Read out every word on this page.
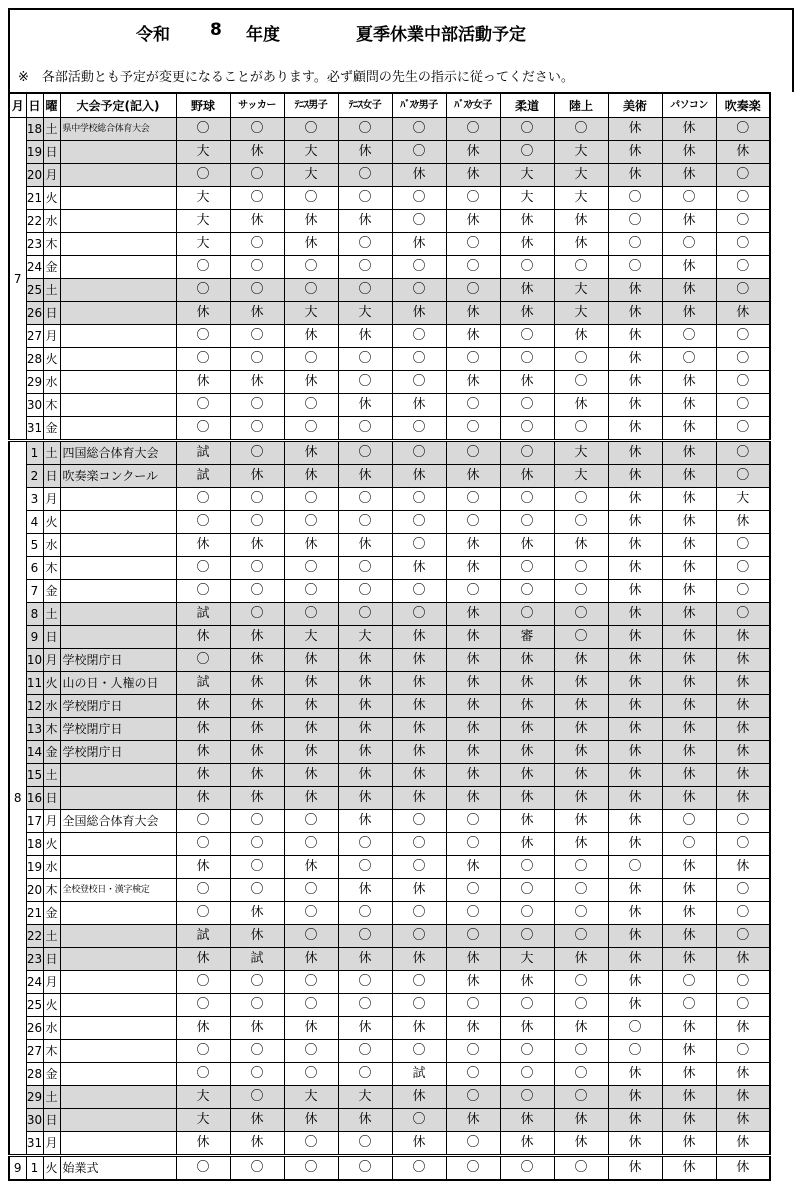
令和 8 年度	夏季休業中部活動予定
※　各部活動とも予定が変更になることがあります。必ず顧問の先生の指示に従ってください。
月	日	曜	大会予定(記入)	野球	サッカー	ﾃﾆｽ男子	ﾃﾆｽ女子	ﾊﾞｽｹ男子	ﾊﾞｽｹ女子	柔道	陸上	美術	パソコン	吹奏楽
7	18	土	県中学校総合体育大会	〇	〇	〇	〇	〇	〇	〇	〇	休	休	〇
	19	日		大	休	大	休	〇	休	〇	大	休	休	休
	20	月		〇	〇	大	〇	休	休	大	大	休	休	〇
	21	火		大	〇	〇	〇	〇	〇	大	大	〇	〇	〇
	22	水		大	休	休	休	〇	休	休	休	〇	休	〇
	23	木		大	〇	休	〇	休	〇	休	休	〇	〇	〇
	24	金		〇	〇	〇	〇	〇	〇	〇	〇	〇	休	〇
	25	土		〇	〇	〇	〇	〇	〇	休	大	休	休	〇
	26	日		休	休	大	大	休	休	休	大	休	休	休
	27	月		〇	〇	休	休	〇	休	〇	休	休	〇	〇
	28	火		〇	〇	〇	〇	〇	〇	〇	〇	休	〇	〇
	29	水		休	休	休	〇	〇	休	休	〇	休	休	〇
	30	木		〇	〇	〇	休	休	〇	〇	休	休	休	〇
	31	金		〇	〇	〇	〇	〇	〇	〇	〇	休	休	〇
8	1	土	四国総合体育大会	試	〇	休	〇	〇	〇	〇	大	休	休	〇
	2	日	吹奏楽コンクール	試	休	休	休	休	休	休	大	休	休	〇
	3	月		〇	〇	〇	〇	〇	〇	〇	〇	休	休	大
	4	火		〇	〇	〇	〇	〇	〇	〇	〇	休	休	休
	5	水		休	休	休	休	〇	休	休	休	休	休	〇
	6	木		〇	〇	〇	〇	休	休	〇	〇	休	休	〇
	7	金		〇	〇	〇	〇	〇	〇	〇	〇	休	休	〇
	8	土		試	〇	〇	〇	〇	休	〇	〇	休	休	〇
	9	日		休	休	大	大	休	休	審	〇	休	休	休
	10	月	学校閉庁日	〇	休	休	休	休	休	休	休	休	休	休
	11	火	山の日・人権の日	試	休	休	休	休	休	休	休	休	休	休
	12	水	学校閉庁日	休	休	休	休	休	休	休	休	休	休	休
	13	木	学校閉庁日	休	休	休	休	休	休	休	休	休	休	休
	14	金	学校閉庁日	休	休	休	休	休	休	休	休	休	休	休
	15	土		休	休	休	休	休	休	休	休	休	休	休
	16	日		休	休	休	休	休	休	休	休	休	休	休
	17	月	全国総合体育大会	〇	〇	〇	休	〇	〇	休	休	休	〇	〇
	18	火		〇	〇	〇	〇	〇	〇	休	休	休	〇	〇
	19	水		休	〇	休	〇	〇	休	〇	〇	〇	休	休
	20	木	全校登校日・漢字検定	〇	〇	〇	休	休	〇	〇	〇	休	休	〇
	21	金		〇	休	〇	〇	〇	〇	〇	〇	休	休	〇
	22	土		試	休	〇	〇	〇	〇	〇	〇	休	休	〇
	23	日		休	試	休	休	休	休	大	休	休	休	休
	24	月		〇	〇	〇	〇	〇	休	休	〇	休	〇	〇
	25	火		〇	〇	〇	〇	〇	〇	〇	〇	休	〇	〇
	26	水		休	休	休	休	休	休	休	休	〇	休	休
	27	木		〇	〇	〇	〇	〇	〇	〇	〇	〇	休	〇
	28	金		〇	〇	〇	〇	試	〇	〇	〇	休	休	休
	29	土		大	〇	大	大	休	〇	〇	〇	休	休	休
	30	日		大	休	休	休	〇	休	休	休	休	休	休
	31	月		休	休	〇	〇	休	〇	休	休	休	休	休
9	1	火	始業式	〇	〇	〇	〇	〇	〇	〇	〇	休	休	休
